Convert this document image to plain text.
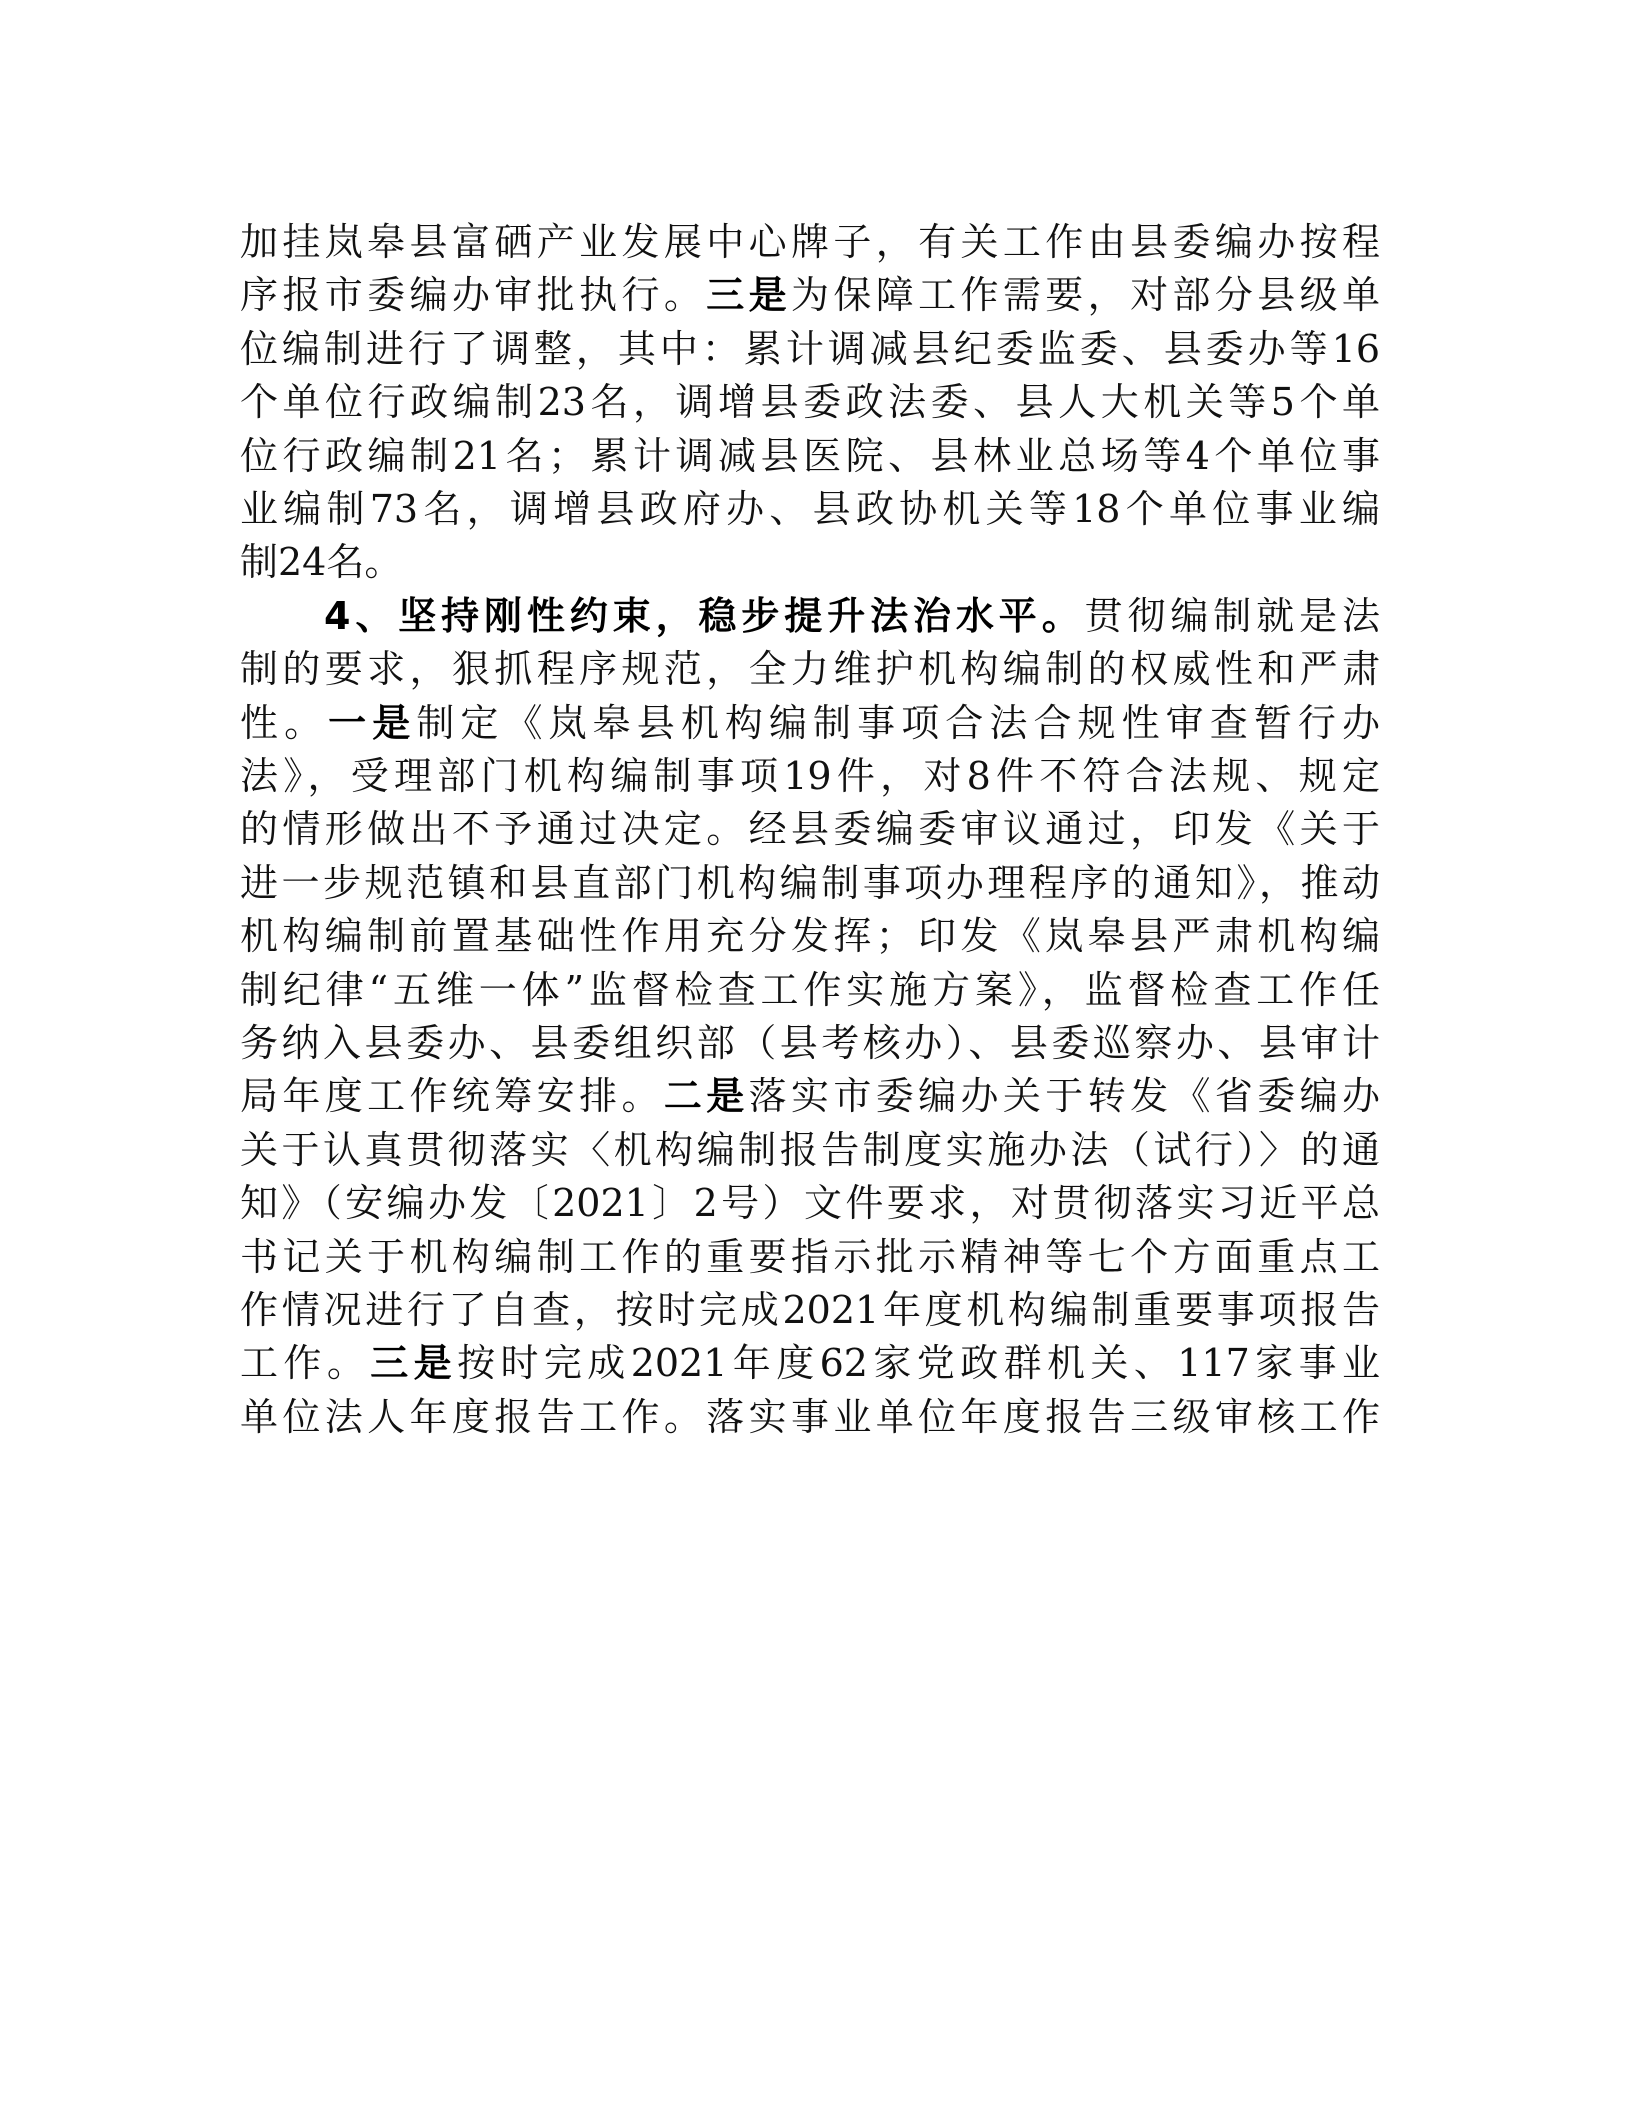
加挂岚皋县富硒产业发展中心牌子，有关工作由县委编办按程
序报市委编办审批执行。三是为保障工作需要，对部分县级单
位编制进行了调整，其中：累计调减县纪委监委、县委办等16
个单位行政编制23名，调增县委政法委、县人大机关等5个单
位行政编制21名；累计调减县医院、县林业总场等4个单位事
业编制73名，调增县政府办、县政协机关等18个单位事业编
制24名。
4、坚持刚性约束，稳步提升法治水平。贯彻编制就是法
制的要求，狠抓程序规范，全力维护机构编制的权威性和严肃
性。一是制定《岚皋县机构编制事项合法合规性审查暂行办
法》，受理部门机构编制事项19件，对8件不符合法规、规定
的情形做出不予通过决定。经县委编委审议通过，印发《关于
进一步规范镇和县直部门机构编制事项办理程序的通知》，推动
机构编制前置基础性作用充分发挥；印发《岚皋县严肃机构编
制纪律“五维一体”监督检查工作实施方案》，监督检查工作任
务纳入县委办、县委组织部（县考核办）、县委巡察办、县审计
局年度工作统筹安排。二是落实市委编办关于转发《省委编办
关于认真贯彻落实〈机构编制报告制度实施办法（试行）〉的通
知》（安编办发〔2021〕2号）文件要求，对贯彻落实习近平总
书记关于机构编制工作的重要指示批示精神等七个方面重点工
作情况进行了自查，按时完成2021年度机构编制重要事项报告
工作。三是按时完成2021年度62家党政群机关、117家事业
单位法人年度报告工作。落实事业单位年度报告三级审核工作
